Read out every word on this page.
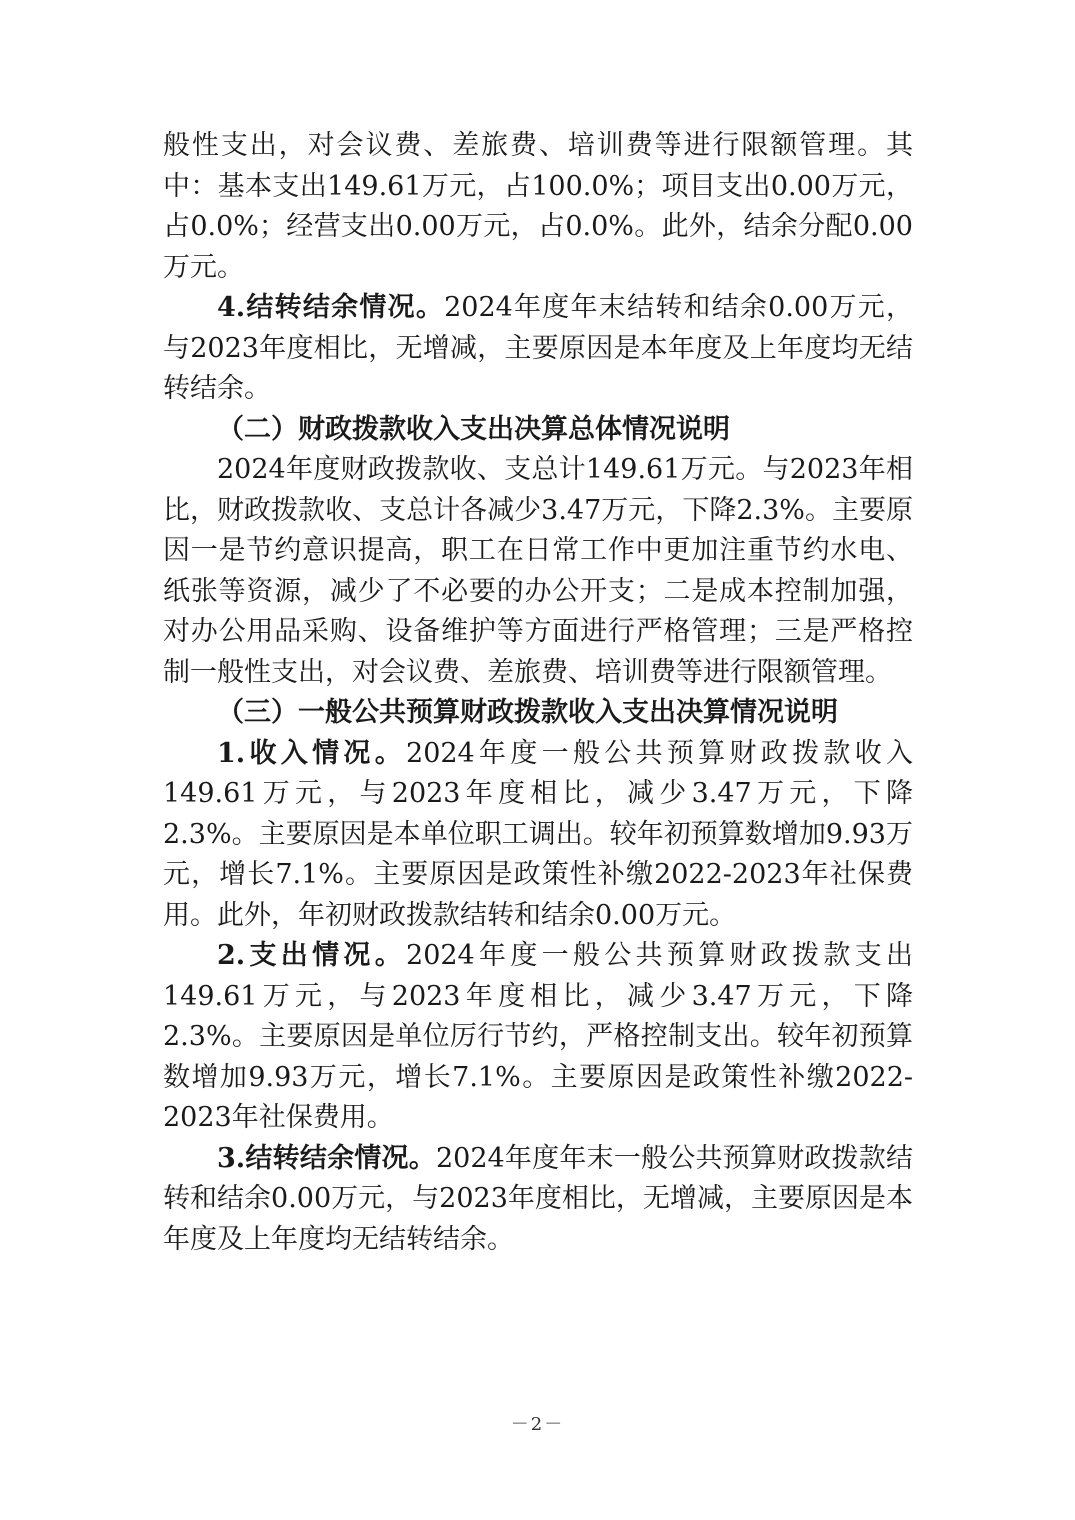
般性支出，对会议费、差旅费、培训费等进行限额管理。其中：基本支出149.61万元，占100.0%；项目支出0.00万元，占0.0%；经营支出0.00万元，占0.0%。此外，结余分配0.00万元。

4.结转结余情况。2024年度年末结转和结余0.00万元，与2023年度相比，无增减，主要原因是本年度及上年度均无结转结余。

（二）财政拨款收入支出决算总体情况说明

2024年度财政拨款收、支总计149.61万元。与2023年相比，财政拨款收、支总计各减少3.47万元，下降2.3%。主要原因一是节约意识提高，职工在日常工作中更加注重节约水电、纸张等资源，减少了不必要的办公开支；二是成本控制加强，对办公用品采购、设备维护等方面进行严格管理；三是严格控制一般性支出，对会议费、差旅费、培训费等进行限额管理。

（三）一般公共预算财政拨款收入支出决算情况说明

1.收入情况。2024年度一般公共预算财政拨款收入149.61万元，与2023年度相比，减少3.47万元，下降2.3%。主要原因是本单位职工调出。较年初预算数增加9.93万元，增长7.1%。主要原因是政策性补缴2022-2023年社保费用。此外，年初财政拨款结转和结余0.00万元。

2.支出情况。2024年度一般公共预算财政拨款支出149.61万元，与2023年度相比，减少3.47万元，下降2.3%。主要原因是单位厉行节约，严格控制支出。较年初预算数增加9.93万元，增长7.1%。主要原因是政策性补缴2022-2023年社保费用。

3.结转结余情况。2024年度年末一般公共预算财政拨款结转和结余0.00万元，与2023年度相比，无增减，主要原因是本年度及上年度均无结转结余。

－2－
